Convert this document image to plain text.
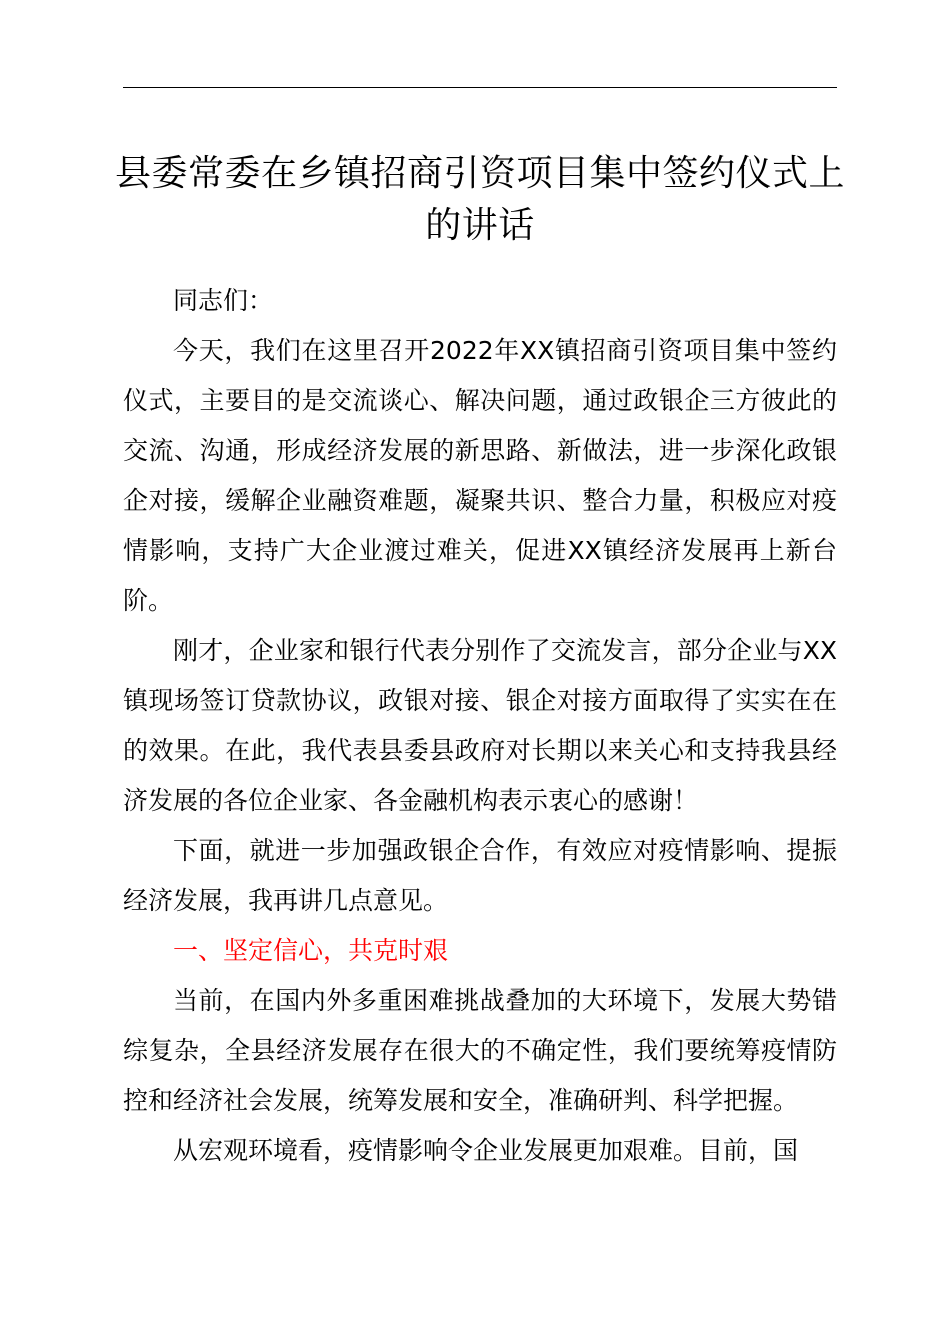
县委常委在乡镇招商引资项目集中签约仪式上
的讲话

同志们：

今天，我们在这里召开2022年XX镇招商引资项目集中签约仪式，主要目的是交流谈心、解决问题，通过政银企三方彼此的交流、沟通，形成经济发展的新思路、新做法，进一步深化政银企对接，缓解企业融资难题，凝聚共识、整合力量，积极应对疫情影响，支持广大企业渡过难关，促进XX镇经济发展再上新台阶。

刚才，企业家和银行代表分别作了交流发言，部分企业与XX镇现场签订贷款协议，政银对接、银企对接方面取得了实实在在的效果。在此，我代表县委县政府对长期以来关心和支持我县经济发展的各位企业家、各金融机构表示衷心的感谢！

下面，就进一步加强政银企合作，有效应对疫情影响、提振经济发展，我再讲几点意见。

一、坚定信心，共克时艰

当前，在国内外多重困难挑战叠加的大环境下，发展大势错综复杂，全县经济发展存在很大的不确定性，我们要统筹疫情防控和经济社会发展，统筹发展和安全，准确研判、科学把握。

从宏观环境看，疫情影响令企业发展更加艰难。目前，国
